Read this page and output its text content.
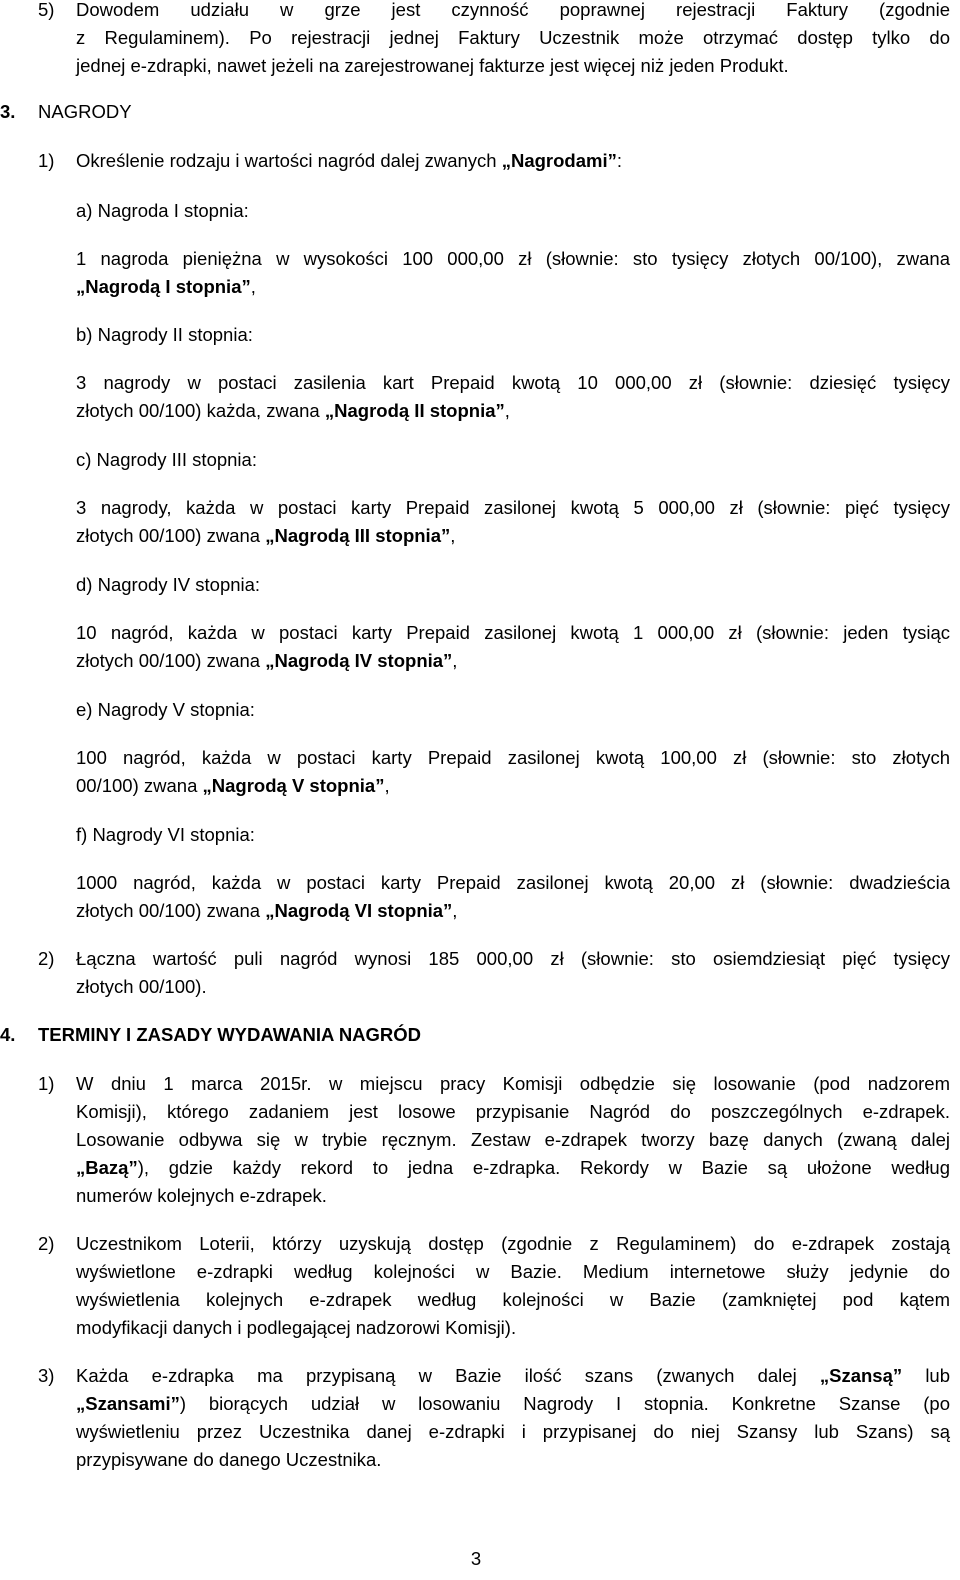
5) Dowodem udziału w grze jest czynność poprawnej rejestracji Faktury (zgodnie
z Regulaminem). Po rejestracji jednej Faktury Uczestnik może otrzymać dostęp tylko do
jednej e-zdrapki, nawet jeżeli na zarejestrowanej fakturze jest więcej niż jeden Produkt.
3. NAGRODY
1) Określenie rodzaju i wartości nagród dalej zwanych „Nagrodami”:
a) Nagroda I stopnia:
1 nagroda pieniężna w wysokości 100 000,00 zł (słownie: sto tysięcy złotych 00/100), zwana
„Nagrodą I stopnia”,
b) Nagrody II stopnia:
3 nagrody w postaci zasilenia kart Prepaid kwotą 10 000,00 zł (słownie: dziesięć tysięcy
złotych 00/100) każda, zwana „Nagrodą II stopnia”,
c) Nagrody III stopnia:
3 nagrody, każda w postaci karty Prepaid zasilonej kwotą 5 000,00 zł (słownie: pięć tysięcy
złotych 00/100) zwana „Nagrodą III stopnia”,
d) Nagrody IV stopnia:
10 nagród, każda w postaci karty Prepaid zasilonej kwotą 1 000,00 zł (słownie: jeden tysiąc
złotych 00/100) zwana „Nagrodą IV stopnia”,
e) Nagrody V stopnia:
100 nagród, każda w postaci karty Prepaid zasilonej kwotą 100,00 zł (słownie: sto złotych
00/100) zwana „Nagrodą V stopnia”,
f) Nagrody VI stopnia:
1000 nagród, każda w postaci karty Prepaid zasilonej kwotą 20,00 zł (słownie: dwadzieścia
złotych 00/100) zwana „Nagrodą VI stopnia”,
2) Łączna wartość puli nagród wynosi 185 000,00 zł (słownie: sto osiemdziesiąt pięć tysięcy
złotych 00/100).
4. TERMINY I ZASADY WYDAWANIA NAGRÓD
1) W dniu 1 marca 2015r. w miejscu pracy Komisji odbędzie się losowanie (pod nadzorem
Komisji), którego zadaniem jest losowe przypisanie Nagród do poszczególnych e-zdrapek.
Losowanie odbywa się w trybie ręcznym. Zestaw e-zdrapek tworzy bazę danych (zwaną dalej
„Bazą”), gdzie każdy rekord to jedna e-zdrapka. Rekordy w Bazie są ułożone według
numerów kolejnych e-zdrapek.
2) Uczestnikom Loterii, którzy uzyskują dostęp (zgodnie z Regulaminem) do e-zdrapek zostają
wyświetlone e-zdrapki według kolejności w Bazie. Medium internetowe służy jedynie do
wyświetlenia kolejnych e-zdrapek według kolejności w Bazie (zamkniętej pod kątem
modyfikacji danych i podlegającej nadzorowi Komisji).
3) Każda e-zdrapka ma przypisaną w Bazie ilość szans (zwanych dalej „Szansą” lub
„Szansami”) biorących udział w losowaniu Nagrody I stopnia. Konkretne Szanse (po
wyświetleniu przez Uczestnika danej e-zdrapki i przypisanej do niej Szansy lub Szans) są
przypisywane do danego Uczestnika.
3
